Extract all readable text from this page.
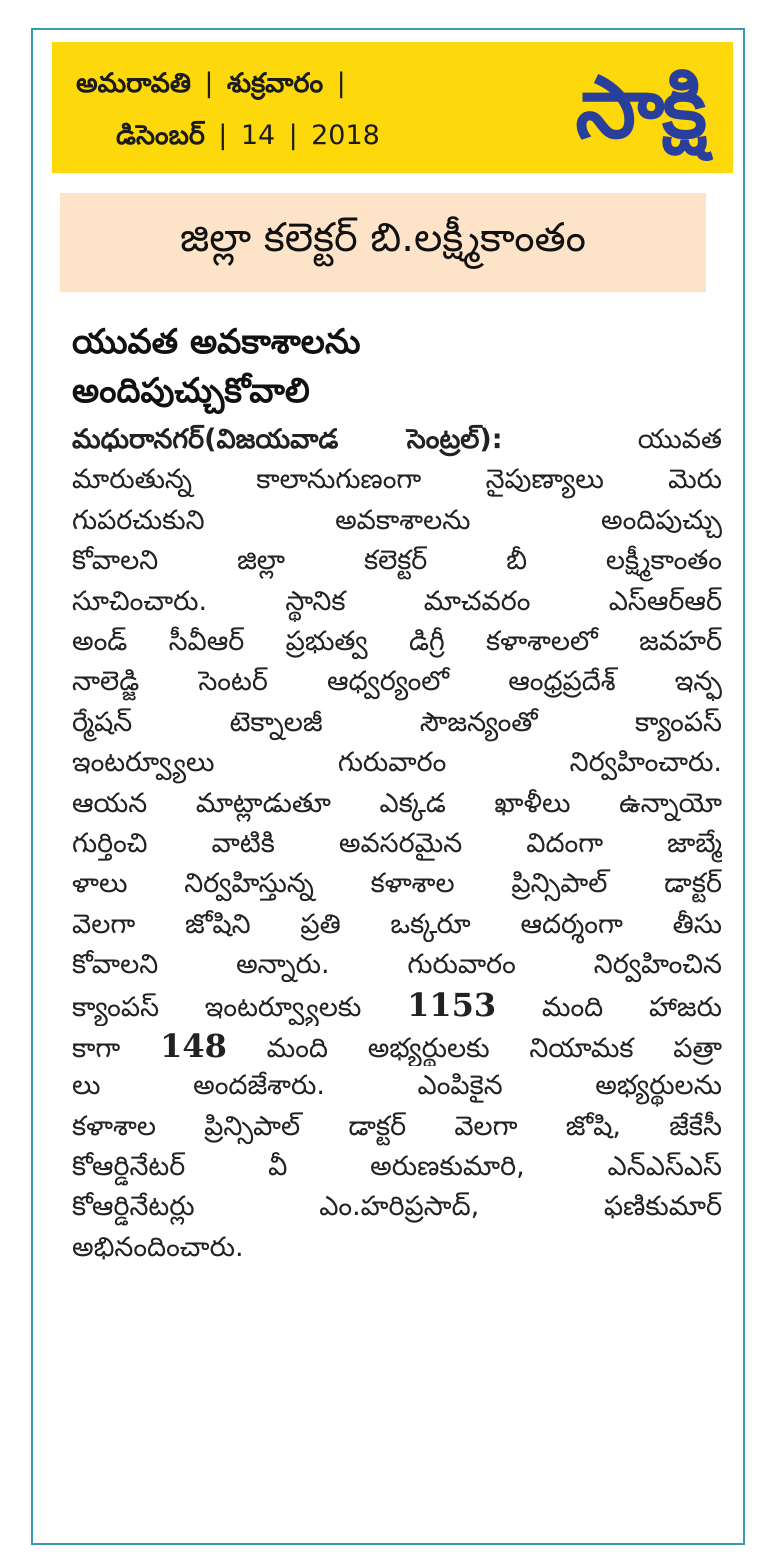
అమరావతి | శుక్రవారం |
డిసెంబర్ | 14 | 2018	సాక్షి
జిల్లా కలెక్టర్ బి.లక్ష్మీకాంతం
యువత అవకాశాలను
అందిపుచ్చుకోవాలి
మధురానగర్(విజయవాడ సెంట్రల్):	యువత
మారుతున్న కాలానుగుణంగా నైపుణ్యాలు మెరు
గుపరచుకుని అవకాశాలను అందిపుచ్చు
కోవాలని జిల్లా కలెక్టర్ బీ లక్ష్మీకాంతం
సూచించారు. స్థానిక మాచవరం ఎస్ఆర్ఆర్
అండ్ సీవీఆర్ ప్రభుత్వ డిగ్రీ కళాశాలలో జవహర్
నాలెడ్జి సెంటర్ ఆధ్వర్యంలో ఆంధ్రప్రదేశ్ ఇన్ఫ
ర్మేషన్ టెక్నాలజీ సౌజన్యంతో క్యాంపస్
ఇంటర్వ్యూలు గురువారం నిర్వహించారు.
ఆయన మాట్లాడుతూ ఎక్కడ ఖాళీలు ఉన్నాయో
గుర్తించి వాటికి అవసరమైన విదంగా జాబ్మే
ళాలు నిర్వహిస్తున్న కళాశాల ప్రిన్సిపాల్ డాక్టర్
వెలగా జోషిని ప్రతి ఒక్కరూ ఆదర్శంగా తీసు
కోవాలని అన్నారు. గురువారం నిర్వహించిన
క్యాంపస్ ఇంటర్వ్యూలకు 1153 మంది హాజరు
కాగా 148 మంది అభ్యర్థులకు నియామక పత్రా
లు అందజేశారు. ఎంపికైన అభ్యర్థులను
కళాశాల ప్రిన్సిపాల్ డాక్టర్ వెలగా జోషి, జేకేసీ
కోఆర్డినేటర్ వీ అరుణకుమారి, ఎన్ఎస్ఎస్
కోఆర్డినేటర్లు ఎం.హరిప్రసాద్, ఫణికుమార్
అభినందించారు.
